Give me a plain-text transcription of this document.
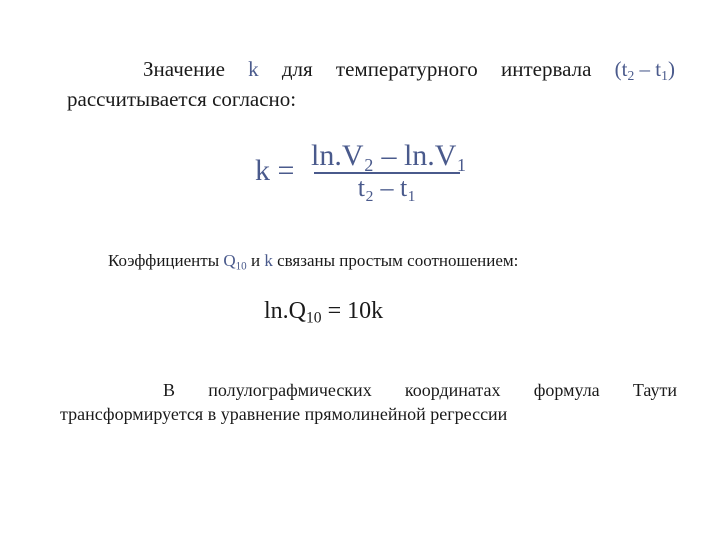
Значение k для температурного интервала $(t_2 - t_1)$
рассчитывается согласно:
k = ln.V₂ – ln.V₁
t₂ – t₁
Коэффициенты $Q_{10}$ и k связаны простым соотношением:
$\ln.Q_{10} = 10k$
В полулографмических координатах формула Таути
трансформируется в уравнение прямолинейной регрессии
